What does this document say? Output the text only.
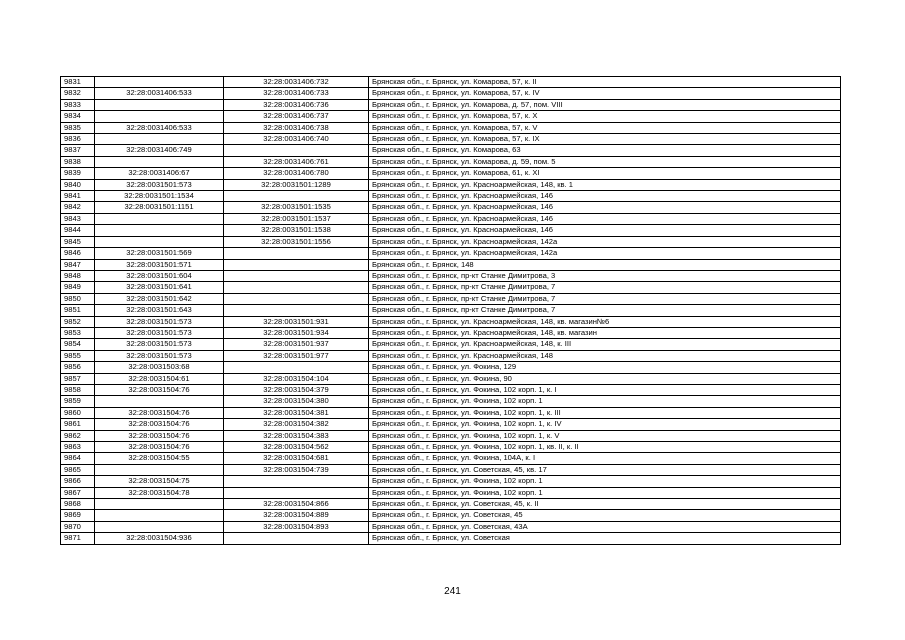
9831		32:28:0031406:732	Брянская обл., г. Брянск, ул. Комарова, 57, к. II
9832	32:28:0031406:533	32:28:0031406:733	Брянская обл., г. Брянск, ул. Комарова, 57, к. IV
9833		32:28:0031406:736	Брянская обл., г. Брянск, ул. Комарова, д. 57, пом. VIII
9834		32:28:0031406:737	Брянская обл., г. Брянск, ул. Комарова, 57, к. X
9835	32:28:0031406:533	32:28:0031406:738	Брянская обл., г. Брянск, ул. Комарова, 57, к. V
9836		32:28:0031406:740	Брянская обл., г. Брянск, ул. Комарова, 57, к. IX
9837	32:28:0031406:749		Брянская обл., г. Брянск, ул. Комарова, 63
9838		32:28:0031406:761	Брянская обл., г. Брянск, ул. Комарова, д. 59, пом. 5
9839	32:28:0031406:67	32:28:0031406:780	Брянская обл., г. Брянск, ул. Комарова, 61, к. XI
9840	32:28:0031501:573	32:28:0031501:1289	Брянская обл., г. Брянск, ул. Красноармейская, 148, кв. 1
9841	32:28:0031501:1534		Брянская обл., г. Брянск, ул. Красноармейская, 146
9842	32:28:0031501:1151	32:28:0031501:1535	Брянская обл., г. Брянск, ул. Красноармейская, 146
9843		32:28:0031501:1537	Брянская обл., г. Брянск, ул. Красноармейская, 146
9844		32:28:0031501:1538	Брянская обл., г. Брянск, ул. Красноармейская, 146
9845		32:28:0031501:1556	Брянская обл., г. Брянск, ул. Красноармейская, 142а
9846	32:28:0031501:569		Брянская обл., г. Брянск, ул. Красноармейская, 142а
9847	32:28:0031501:571		Брянская обл., г. Брянск, 148
9848	32:28:0031501:604		Брянская обл., г. Брянск, пр-кт Станке Димитрова, 3
9849	32:28:0031501:641		Брянская обл., г. Брянск, пр-кт Станке Димитрова, 7
9850	32:28:0031501:642		Брянская обл., г. Брянск, пр-кт Станке Димитрова, 7
9851	32:28:0031501:643		Брянская обл., г. Брянск, пр-кт Станке Димитрова, 7
9852	32:28:0031501:573	32:28:0031501:931	Брянская обл., г. Брянск, ул. Красноармейская, 148, кв. магазин№6
9853	32:28:0031501:573	32:28:0031501:934	Брянская обл., г. Брянск, ул. Красноармейская, 148, кв. магазин
9854	32:28:0031501:573	32:28:0031501:937	Брянская обл., г. Брянск, ул. Красноармейская, 148, к. III
9855	32:28:0031501:573	32:28:0031501:977	Брянская обл., г. Брянск, ул. Красноармейская, 148
9856	32:28:0031503:68		Брянская обл., г. Брянск, ул. Фокина, 129
9857	32:28:0031504:61	32:28:0031504:104	Брянская обл., г. Брянск, ул. Фокина, 90
9858	32:28:0031504:76	32:28:0031504:379	Брянская обл., г. Брянск, ул. Фокина, 102 корп. 1, к. I
9859		32:28:0031504:380	Брянская обл., г. Брянск, ул. Фокина, 102 корп. 1
9860	32:28:0031504:76	32:28:0031504:381	Брянская обл., г. Брянск, ул. Фокина, 102 корп. 1, к. III
9861	32:28:0031504:76	32:28:0031504:382	Брянская обл., г. Брянск, ул. Фокина, 102 корп. 1, к. IV
9862	32:28:0031504:76	32:28:0031504:383	Брянская обл., г. Брянск, ул. Фокина, 102 корп. 1, к. V
9863	32:28:0031504:76	32:28:0031504:562	Брянская обл., г. Брянск, ул. Фокина, 102 корп. 1, кв. II, к. II
9864	32:28:0031504:55	32:28:0031504:681	Брянская обл., г. Брянск, ул. Фокина, 104А, к. I
9865		32:28:0031504:739	Брянская обл., г. Брянск, ул. Советская, 45, кв. 17
9866	32:28:0031504:75		Брянская обл., г. Брянск, ул. Фокина, 102 корп. 1
9867	32:28:0031504:78		Брянская обл., г. Брянск, ул. Фокина, 102 корп. 1
9868		32:28:0031504:866	Брянская обл., г. Брянск, ул. Советская, 45, к. II
9869		32:28:0031504:889	Брянская обл., г. Брянск, ул. Советская, 45
9870		32:28:0031504:893	Брянская обл., г. Брянск, ул. Советская, 43А
9871	32:28:0031504:936		Брянская обл., г. Брянск, ул. Советская
241
